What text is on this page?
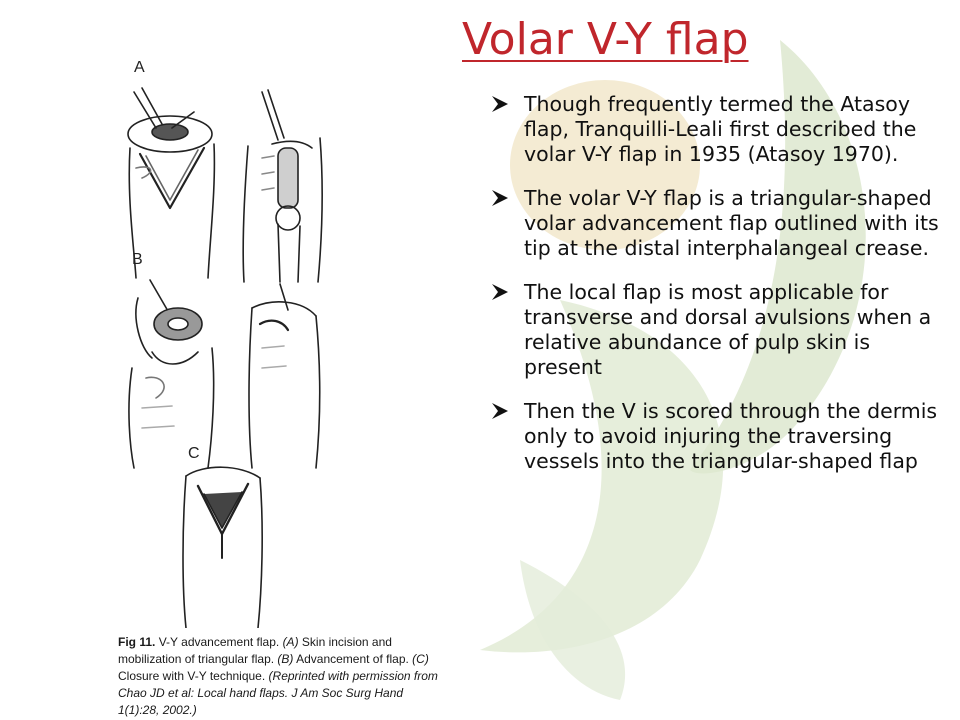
A
B
C
Fig 11. V-Y advancement flap. (A) Skin incision and mobilization of triangular flap. (B) Advancement of flap. (C) Closure with V-Y technique. (Reprinted with permission from Chao JD et al: Local hand flaps. J Am Soc Surg Hand 1(1):28, 2002.)
Volar V-Y flap
Though frequently termed the Atasoy flap, Tranquilli-Leali first described the volar V-Y flap in 1935 (Atasoy 1970).
The volar V-Y flap is a triangular-shaped volar advancement flap outlined with its tip at the distal interphalangeal crease.
The local flap is most applicable for transverse and dorsal avulsions when a relative abundance of pulp skin is present
Then the V is scored through the dermis only to avoid injuring the traversing vessels into the triangular-shaped flap
